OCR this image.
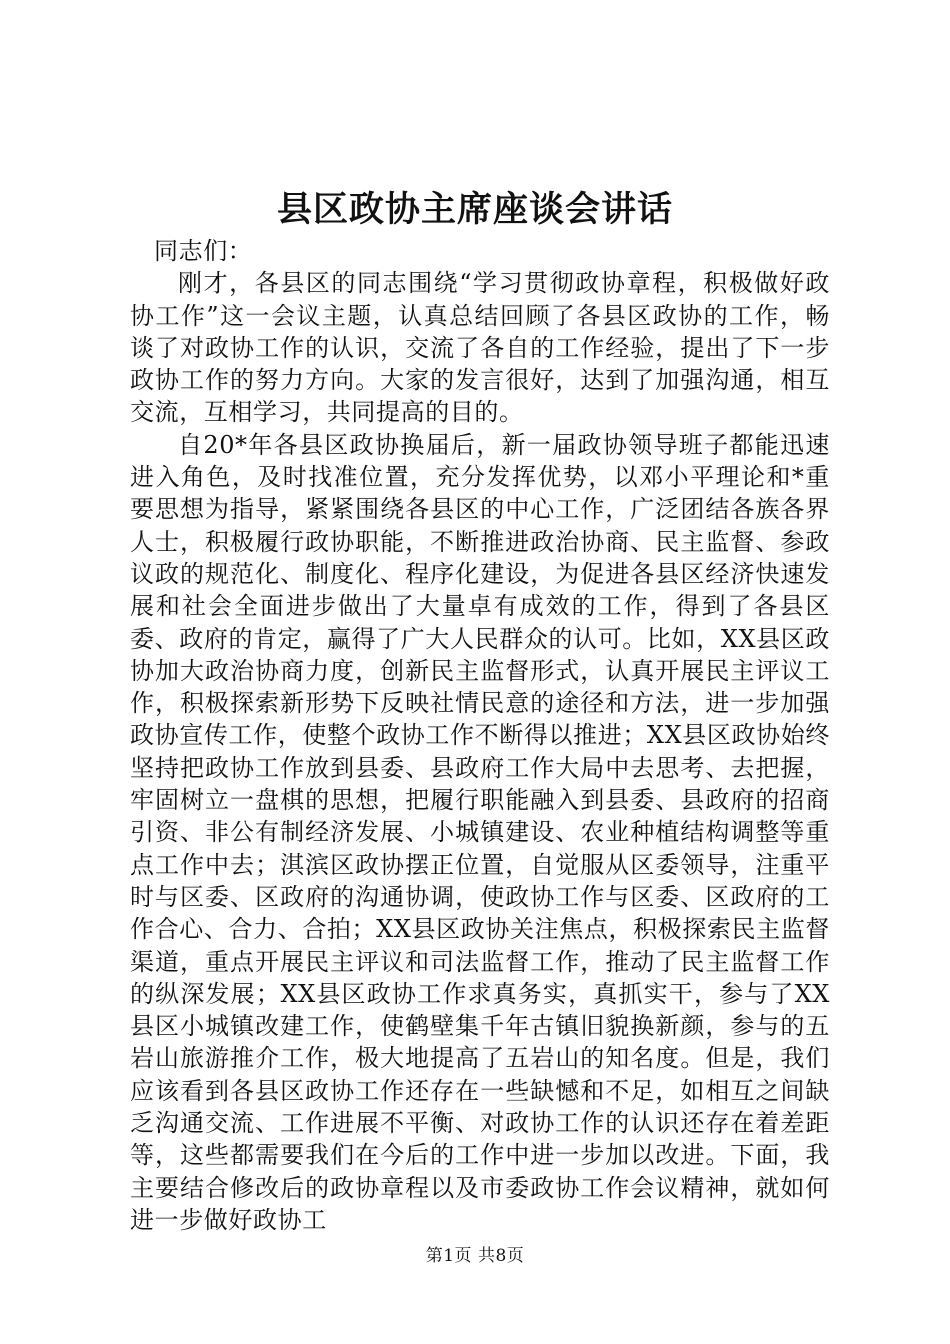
县区政协主席座谈会讲话

同志们：

刚才，各县区的同志围绕“学习贯彻政协章程，积极做好政协工作”这一会议主题，认真总结回顾了各县区政协的工作，畅谈了对政协工作的认识，交流了各自的工作经验，提出了下一步政协工作的努力方向。大家的发言很好，达到了加强沟通，相互交流，互相学习，共同提高的目的。

自20*年各县区政协换届后，新一届政协领导班子都能迅速进入角色，及时找准位置，充分发挥优势，以邓小平理论和*重要思想为指导，紧紧围绕各县区的中心工作，广泛团结各族各界人士，积极履行政协职能，不断推进政治协商、民主监督、参政议政的规范化、制度化、程序化建设，为促进各县区经济快速发展和社会全面进步做出了大量卓有成效的工作，得到了各县区委、政府的肯定，赢得了广大人民群众的认可。比如，XX县区政协加大政治协商力度，创新民主监督形式，认真开展民主评议工作，积极探索新形势下反映社情民意的途径和方法，进一步加强政协宣传工作，使整个政协工作不断得以推进；XX县区政协始终坚持把政协工作放到县委、县政府工作大局中去思考、去把握，牢固树立一盘棋的思想，把履行职能融入到县委、县政府的招商引资、非公有制经济发展、小城镇建设、农业种植结构调整等重点工作中去；淇滨区政协摆正位置，自觉服从区委领导，注重平时与区委、区政府的沟通协调，使政协工作与区委、区政府的工作合心、合力、合拍；XX县区政协关注焦点，积极探索民主监督渠道，重点开展民主评议和司法监督工作，推动了民主监督工作的纵深发展；XX县区政协工作求真务实，真抓实干，参与了XX县区小城镇改建工作，使鹤壁集千年古镇旧貌换新颜，参与的五岩山旅游推介工作，极大地提高了五岩山的知名度。但是，我们应该看到各县区政协工作还存在一些缺憾和不足，如相互之间缺乏沟通交流、工作进展不平衡、对政协工作的认识还存在着差距等，这些都需要我们在今后的工作中进一步加以改进。下面，我主要结合修改后的政协章程以及市委政协工作会议精神，就如何进一步做好政协工

第1页 共8页
